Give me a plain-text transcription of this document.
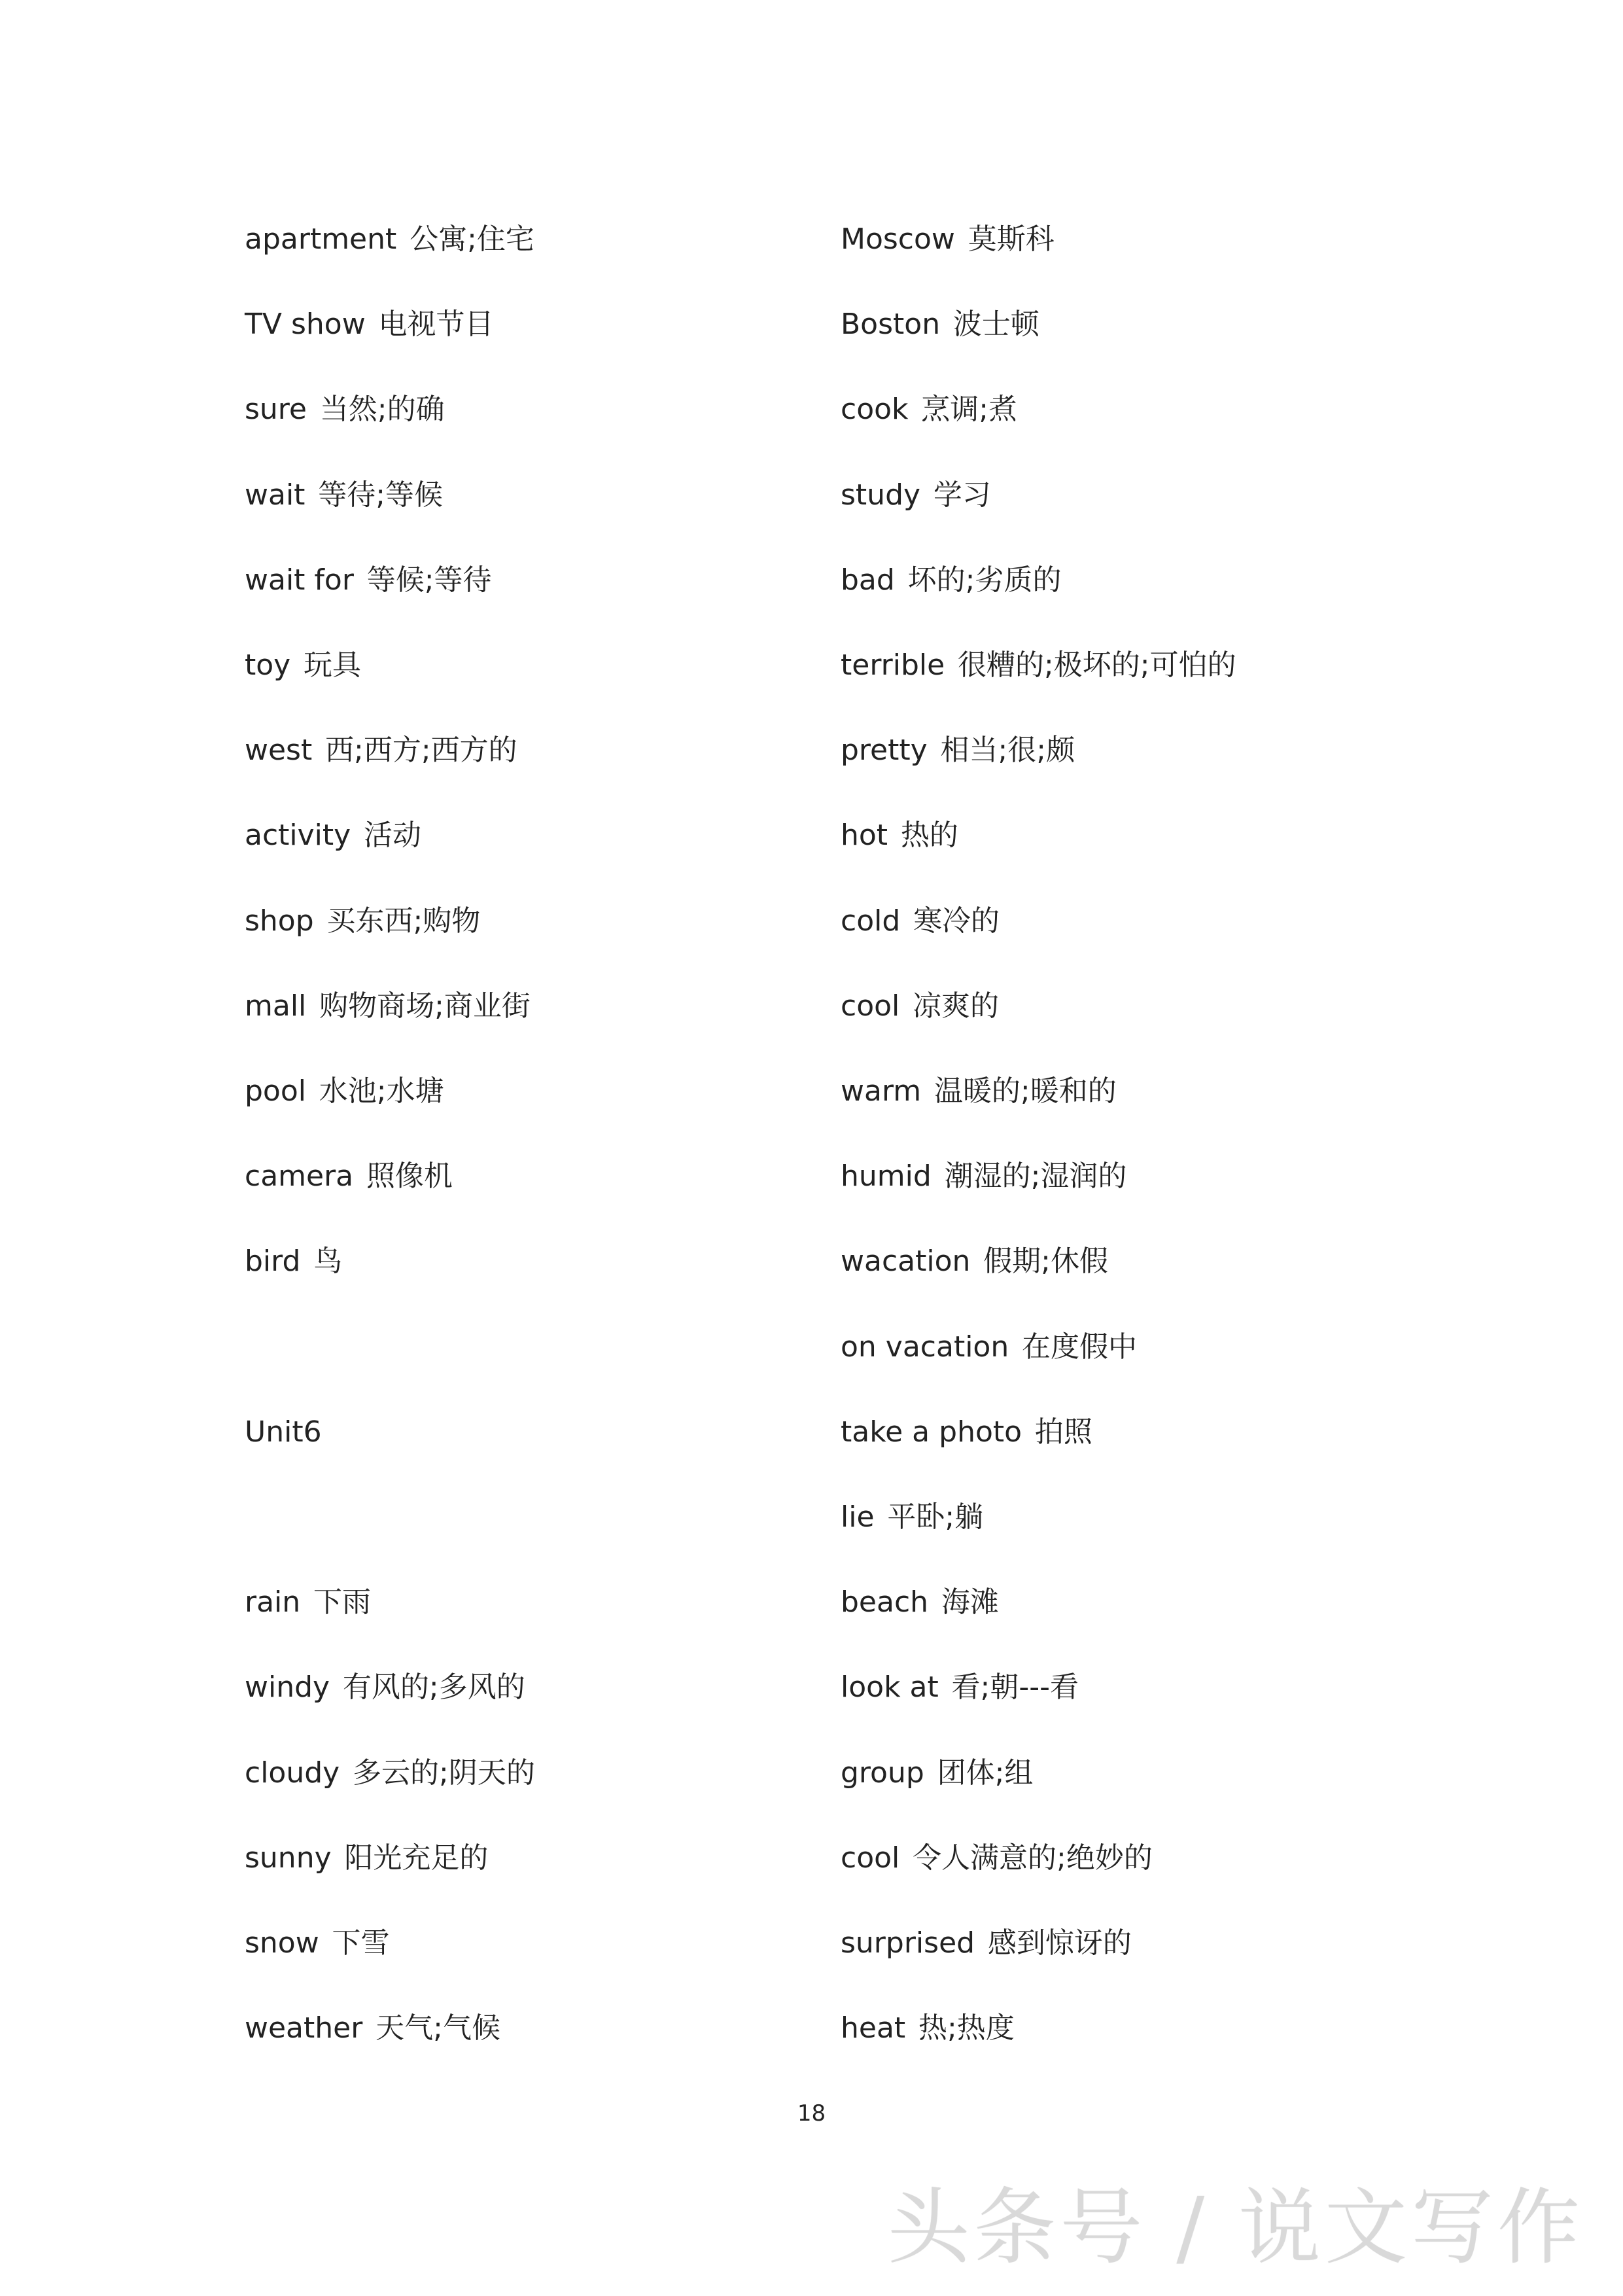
apartment 公寓;住宅
TV show 电视节目
sure 当然;的确
wait 等待;等候
wait for 等候;等待
toy 玩具
west 西;西方;西方的
activity 活动
shop 买东西;购物
mall 购物商场;商业街
pool 水池;水塘
camera 照像机
bird 鸟
Unit6
rain 下雨
windy 有风的;多风的
cloudy 多云的;阴天的
sunny 阳光充足的
snow 下雪
weather 天气;气候
Moscow 莫斯科
Boston 波士顿
cook 烹调;煮
study 学习
bad 坏的;劣质的
terrible 很糟的;极坏的;可怕的
pretty 相当;很;颇
hot 热的
cold 寒冷的
cool 凉爽的
warm 温暖的;暖和的
humid 潮湿的;湿润的
wacation 假期;休假
on vacation 在度假中
take a photo 拍照
lie 平卧;躺
beach 海滩
look at 看;朝---看
group 团体;组
cool 令人满意的;绝妙的
surprised 感到惊讶的
heat 热;热度
18
头条号 / 说文写作
